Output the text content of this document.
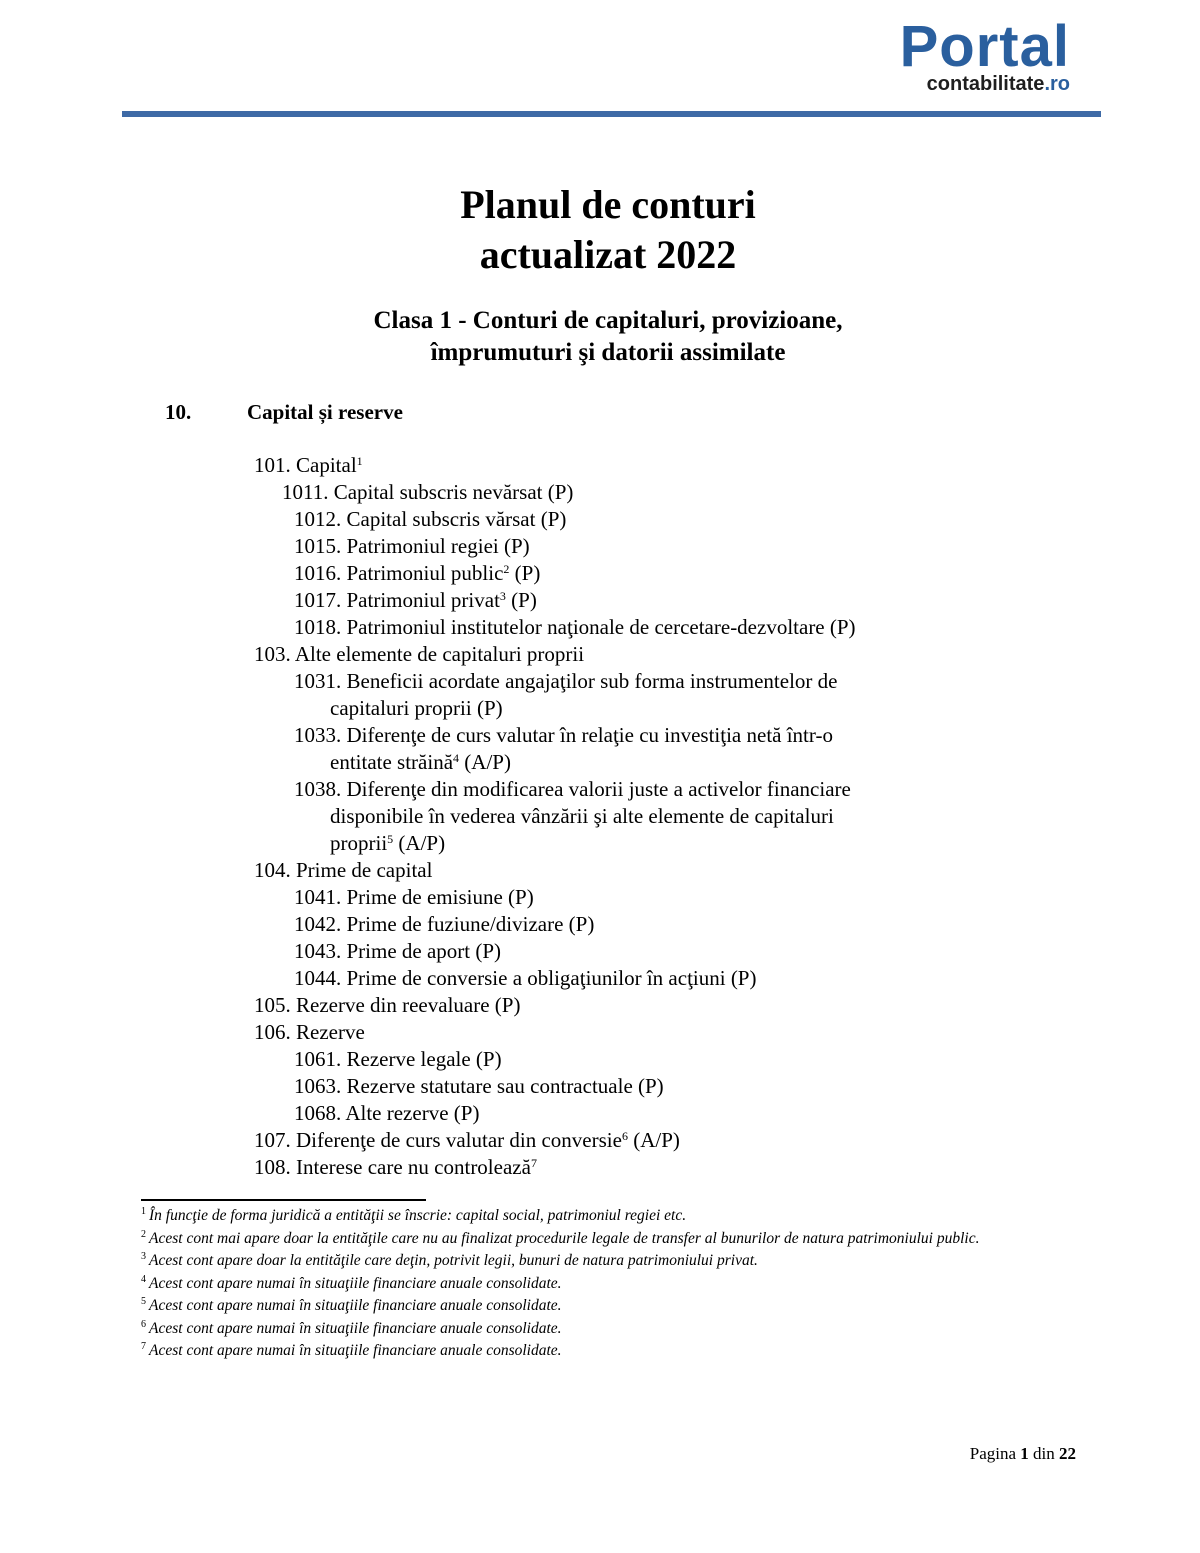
Portal
contabilitate.ro
Planul de conturi
actualizat 2022
Clasa 1 - Conturi de capitaluri, provizioane,
împrumuturi şi datorii assimilate
10.	Capital și reserve
101. Capital$^1$
1011. Capital subscris nevărsat (P)
1012. Capital subscris vărsat (P)
1015. Patrimoniul regiei (P)
1016. Patrimoniul public$^2$ (P)
1017. Patrimoniul privat$^3$ (P)
1018. Patrimoniul institutelor naţionale de cercetare-dezvoltare (P)
103. Alte elemente de capitaluri proprii
1031. Beneficii acordate angajaţilor sub forma instrumentelor de
capitaluri proprii (P)
1033. Diferenţe de curs valutar în relaţie cu investiţia netă într-o
entitate străină$^4$ (A/P)
1038. Diferenţe din modificarea valorii juste a activelor financiare
disponibile în vederea vânzării şi alte elemente de capitaluri
proprii$^5$ (A/P)
104. Prime de capital
1041. Prime de emisiune (P)
1042. Prime de fuziune/divizare (P)
1043. Prime de aport (P)
1044. Prime de conversie a obligaţiunilor în acţiuni (P)
105. Rezerve din reevaluare (P)
106. Rezerve
1061. Rezerve legale (P)
1063. Rezerve statutare sau contractuale (P)
1068. Alte rezerve (P)
107. Diferenţe de curs valutar din conversie$^6$ (A/P)
108. Interese care nu controlează$^7$
$^1$ În funcţie de forma juridică a entităţii se înscrie: capital social, patrimoniul regiei etc.
$^2$ Acest cont mai apare doar la entităţile care nu au finalizat procedurile legale de transfer al bunurilor de natura patrimoniului public.
$^3$ Acest cont apare doar la entităţile care deţin, potrivit legii, bunuri de natura patrimoniului privat.
$^4$ Acest cont apare numai în situaţiile financiare anuale consolidate.
$^5$ Acest cont apare numai în situaţiile financiare anuale consolidate.
$^6$ Acest cont apare numai în situaţiile financiare anuale consolidate.
$^7$ Acest cont apare numai în situaţiile financiare anuale consolidate.
Pagina 1 din 22
